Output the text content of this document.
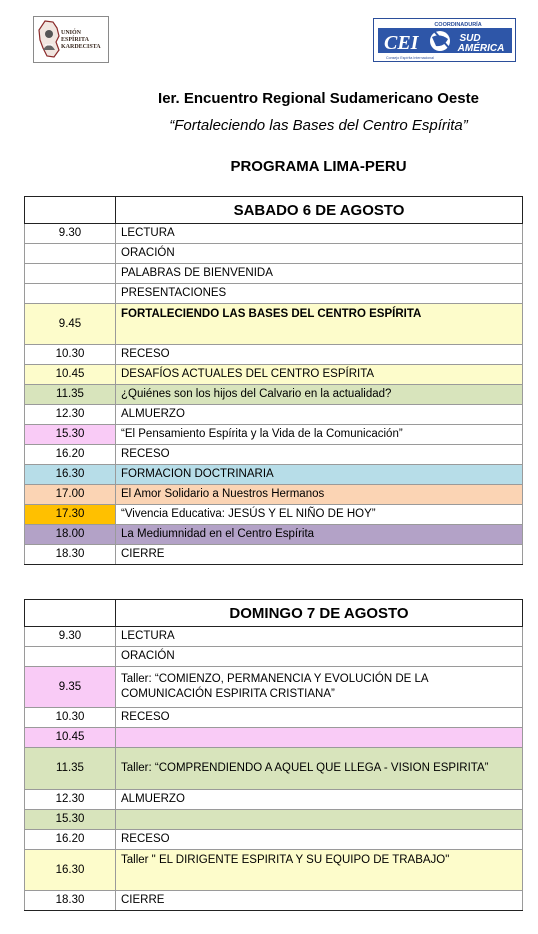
UNIÓN ESPÍRITA
KARDECISTA
COORDINADURÍA
CEI	SUD
AMÉRICA
Consejo Espírita Internacional
Ier. Encuentro Regional Sudamericano Oeste
“Fortaleciendo las Bases del Centro Espírita”
PROGRAMA LIMA-PERU
	SABADO 6 DE AGOSTO
9.30	LECTURA
	ORACIÓN
	PALABRAS DE BIENVENIDA
	PRESENTACIONES
9.45	FORTALECIENDO LAS BASES DEL CENTRO ESPÍRITA
10.30	RECESO
10.45	DESAFÍOS ACTUALES DEL CENTRO ESPÍRITA
11.35	¿Quiénes son los hijos del Calvario en la actualidad?
12.30	ALMUERZO
15.30	“El Pensamiento Espírita y la Vida de la Comunicación”
16.20	RECESO
16.30	FORMACION DOCTRINARIA
17.00	El Amor Solidario a Nuestros Hermanos
17.30	“Vivencia Educativa: JESÚS Y EL NIÑO DE HOY”
18.00	La Mediumnidad en el Centro Espírita
18.30	CIERRE
	DOMINGO 7 DE AGOSTO
9.30	LECTURA
	ORACIÓN
9.35	Taller: “COMIENZO, PERMANENCIA Y EVOLUCIÓN DE LA COMUNICACIÓN ESPIRITA CRISTIANA”
10.30	RECESO
10.45	
11.35	Taller: “COMPRENDIENDO A AQUEL QUE LLEGA - VISION ESPIRITA”
12.30	ALMUERZO
15.30	
16.20	RECESO
16.30	Taller " EL DIRIGENTE ESPIRITA Y SU EQUIPO DE TRABAJO"
18.30	CIERRE
